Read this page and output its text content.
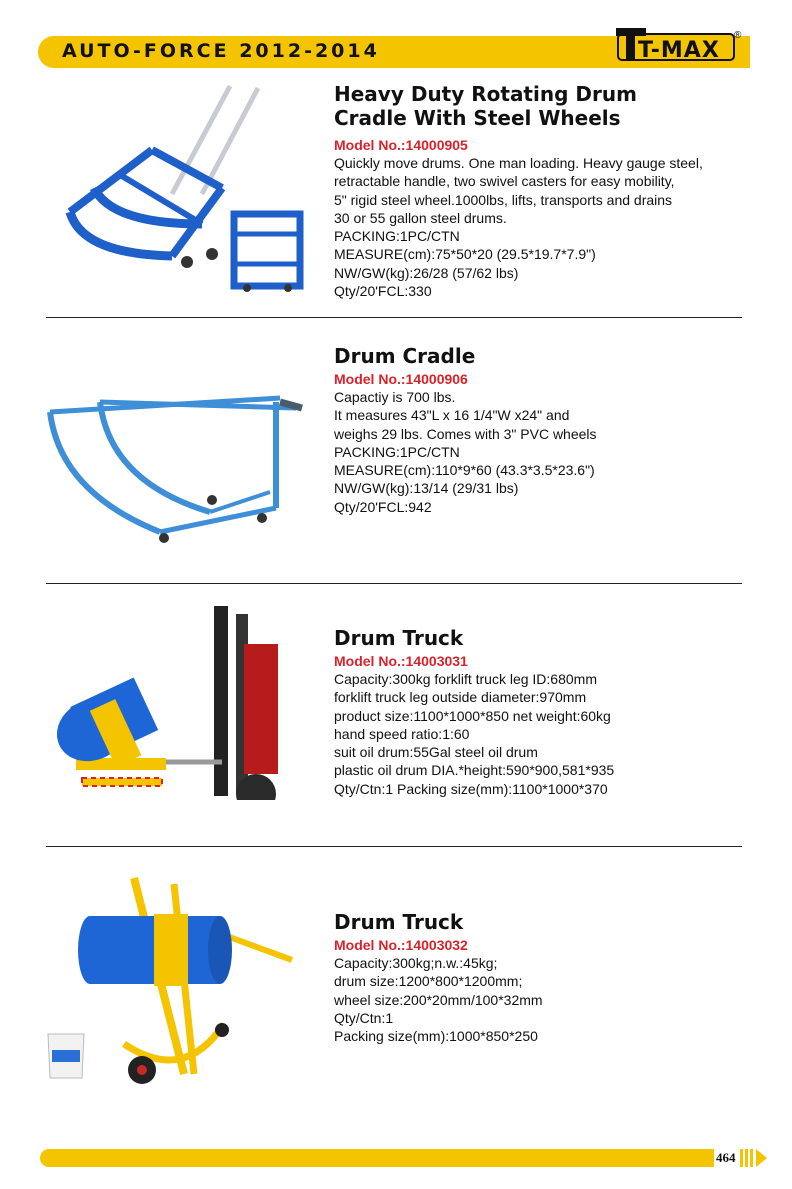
AUTO-FORCE 2012-2014	T-MAX
®
Heavy Duty Rotating Drum
Cradle With Steel Wheels
Model No.:14000905
Quickly move drums. One man loading. Heavy gauge steel,
retractable handle, two swivel casters for easy mobility,
5" rigid steel wheel.1000lbs, lifts, transports and drains
30 or 55 gallon steel drums.
PACKING:1PC/CTN
MEASURE(cm):75*50*20 (29.5*19.7*7.9")
NW/GW(kg):26/28 (57/62 lbs)
Qty/20'FCL:330
Drum Cradle
Model No.:14000906
Capactiy is 700 lbs.
It measures 43"L x 16 1/4"W x24" and
weighs 29 lbs. Comes with 3" PVC wheels
PACKING:1PC/CTN
MEASURE(cm):110*9*60 (43.3*3.5*23.6")
NW/GW(kg):13/14 (29/31 lbs)
Qty/20'FCL:942
Drum Truck
Model No.:14003031
Capacity:300kg forklift truck leg ID:680mm
forklift truck leg outside diameter:970mm
product size:1100*1000*850 net weight:60kg
hand speed ratio:1:60
suit oil drum:55Gal steel oil drum
plastic oil drum DIA.*height:590*900,581*935
Qty/Ctn:1 Packing size(mm):1100*1000*370
Drum Truck
Model No.:14003032
Capacity:300kg;n.w.:45kg;
drum size:1200*800*1200mm;
wheel size:200*20mm/100*32mm
Qty/Ctn:1
Packing size(mm):1000*850*250
464
